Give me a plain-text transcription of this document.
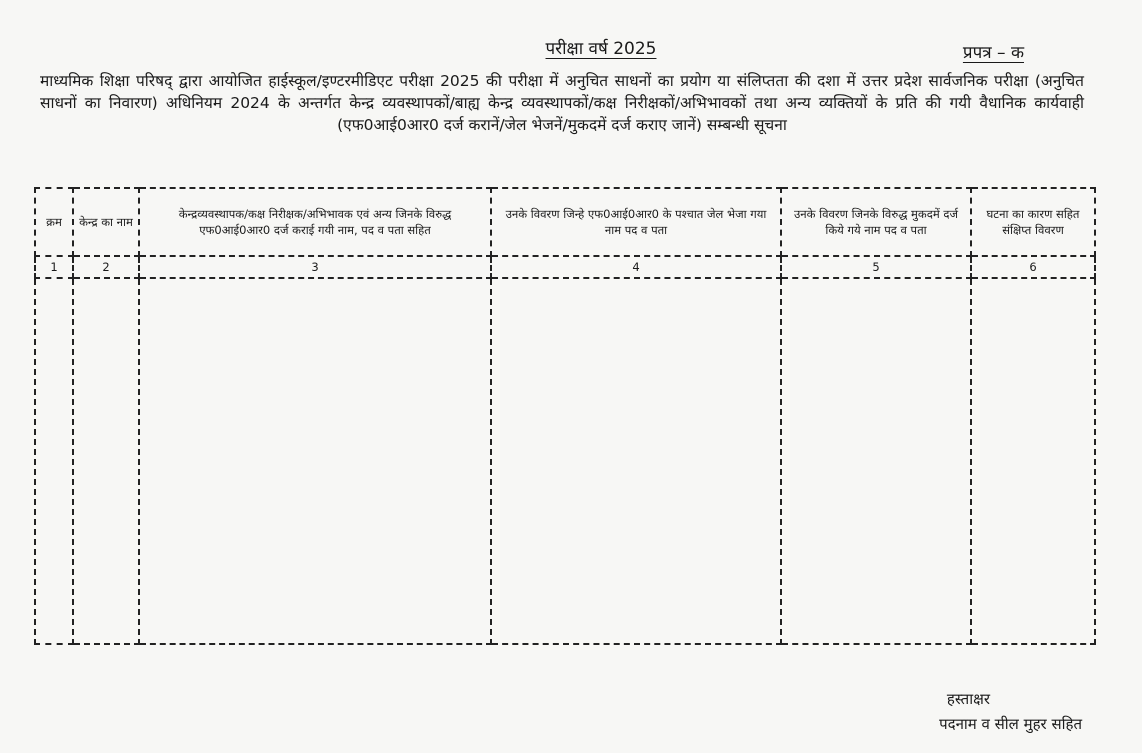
परीक्षा वर्ष 2025	प्रपत्र – क
माध्यमिक शिक्षा परिषद् द्वारा आयोजित हाईस्कूल/इण्टरमीडिएट परीक्षा 2025 की परीक्षा में अनुचित साधनों का प्रयोग या संलिप्तता की दशा में उत्तर प्रदेश सार्वजनिक परीक्षा (अनुचित साधनों का निवारण) अधिनियम 2024 के अन्तर्गत केन्द्र व्यवस्थापकों/बाह्य केन्द्र व्यवस्थापकों/कक्ष निरीक्षकों/अभिभावकों तथा अन्य व्यक्तियों के प्रति की गयी वैधानिक कार्यवाही (एफ0आई0आर0 दर्ज करानें/जेल भेजनें/मुकदमें दर्ज कराए जानें) सम्बन्धी सूचना
क्रम	केन्द्र का नाम	केन्द्रव्यवस्थापक/कक्ष निरीक्षक/अभिभावक एवं अन्य जिनके विरुद्ध एफ0आई0आर0 दर्ज कराई गयी नाम, पद व पता सहित	उनके विवरण जिन्हे एफ0आई0आर0 के पश्चात जेल भेजा गया नाम पद व पता	उनके विवरण जिनके विरुद्ध मुकदमें दर्ज किये गये नाम पद व पता	घटना का कारण सहित संक्षिप्त विवरण
1	2	3	4	5	6

हस्ताक्षर
पदनाम व सील मुहर सहित
